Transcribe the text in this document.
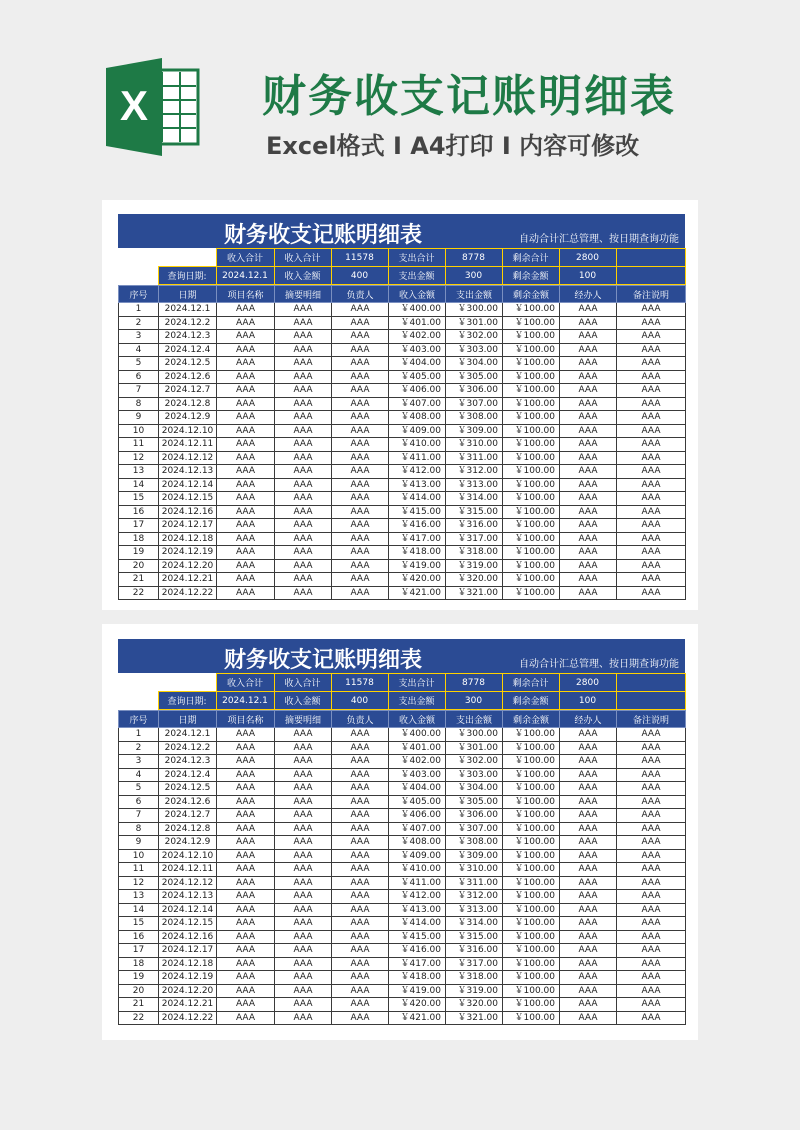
X	财务收支记账明细表

Excel格式 I A4打印 I 内容可修改

财务收支记账明细表	自动合计汇总管理、按日期查询功能
		收入合计	收入合计	11578	支出合计	8778	剩余合计	2800	
	查询日期:	2024.12.1	收入金额	400	支出金额	300	剩余金额	100	
序号	日期	项目名称	摘要明细	负责人	收入金额	支出金额	剩余金额	经办人	备注说明
1	2024.12.1	AAA	AAA	AAA	￥400.00	￥300.00	￥100.00	AAA	AAA
2	2024.12.2	AAA	AAA	AAA	￥401.00	￥301.00	￥100.00	AAA	AAA
3	2024.12.3	AAA	AAA	AAA	￥402.00	￥302.00	￥100.00	AAA	AAA
4	2024.12.4	AAA	AAA	AAA	￥403.00	￥303.00	￥100.00	AAA	AAA
5	2024.12.5	AAA	AAA	AAA	￥404.00	￥304.00	￥100.00	AAA	AAA
6	2024.12.6	AAA	AAA	AAA	￥405.00	￥305.00	￥100.00	AAA	AAA
7	2024.12.7	AAA	AAA	AAA	￥406.00	￥306.00	￥100.00	AAA	AAA
8	2024.12.8	AAA	AAA	AAA	￥407.00	￥307.00	￥100.00	AAA	AAA
9	2024.12.9	AAA	AAA	AAA	￥408.00	￥308.00	￥100.00	AAA	AAA
10	2024.12.10	AAA	AAA	AAA	￥409.00	￥309.00	￥100.00	AAA	AAA
11	2024.12.11	AAA	AAA	AAA	￥410.00	￥310.00	￥100.00	AAA	AAA
12	2024.12.12	AAA	AAA	AAA	￥411.00	￥311.00	￥100.00	AAA	AAA
13	2024.12.13	AAA	AAA	AAA	￥412.00	￥312.00	￥100.00	AAA	AAA
14	2024.12.14	AAA	AAA	AAA	￥413.00	￥313.00	￥100.00	AAA	AAA
15	2024.12.15	AAA	AAA	AAA	￥414.00	￥314.00	￥100.00	AAA	AAA
16	2024.12.16	AAA	AAA	AAA	￥415.00	￥315.00	￥100.00	AAA	AAA
17	2024.12.17	AAA	AAA	AAA	￥416.00	￥316.00	￥100.00	AAA	AAA
18	2024.12.18	AAA	AAA	AAA	￥417.00	￥317.00	￥100.00	AAA	AAA
19	2024.12.19	AAA	AAA	AAA	￥418.00	￥318.00	￥100.00	AAA	AAA
20	2024.12.20	AAA	AAA	AAA	￥419.00	￥319.00	￥100.00	AAA	AAA
21	2024.12.21	AAA	AAA	AAA	￥420.00	￥320.00	￥100.00	AAA	AAA
22	2024.12.22	AAA	AAA	AAA	￥421.00	￥321.00	￥100.00	AAA	AAA
财务收支记账明细表	自动合计汇总管理、按日期查询功能
		收入合计	收入合计	11578	支出合计	8778	剩余合计	2800	
	查询日期:	2024.12.1	收入金额	400	支出金额	300	剩余金额	100	
序号	日期	项目名称	摘要明细	负责人	收入金额	支出金额	剩余金额	经办人	备注说明
1	2024.12.1	AAA	AAA	AAA	￥400.00	￥300.00	￥100.00	AAA	AAA
2	2024.12.2	AAA	AAA	AAA	￥401.00	￥301.00	￥100.00	AAA	AAA
3	2024.12.3	AAA	AAA	AAA	￥402.00	￥302.00	￥100.00	AAA	AAA
4	2024.12.4	AAA	AAA	AAA	￥403.00	￥303.00	￥100.00	AAA	AAA
5	2024.12.5	AAA	AAA	AAA	￥404.00	￥304.00	￥100.00	AAA	AAA
6	2024.12.6	AAA	AAA	AAA	￥405.00	￥305.00	￥100.00	AAA	AAA
7	2024.12.7	AAA	AAA	AAA	￥406.00	￥306.00	￥100.00	AAA	AAA
8	2024.12.8	AAA	AAA	AAA	￥407.00	￥307.00	￥100.00	AAA	AAA
9	2024.12.9	AAA	AAA	AAA	￥408.00	￥308.00	￥100.00	AAA	AAA
10	2024.12.10	AAA	AAA	AAA	￥409.00	￥309.00	￥100.00	AAA	AAA
11	2024.12.11	AAA	AAA	AAA	￥410.00	￥310.00	￥100.00	AAA	AAA
12	2024.12.12	AAA	AAA	AAA	￥411.00	￥311.00	￥100.00	AAA	AAA
13	2024.12.13	AAA	AAA	AAA	￥412.00	￥312.00	￥100.00	AAA	AAA
14	2024.12.14	AAA	AAA	AAA	￥413.00	￥313.00	￥100.00	AAA	AAA
15	2024.12.15	AAA	AAA	AAA	￥414.00	￥314.00	￥100.00	AAA	AAA
16	2024.12.16	AAA	AAA	AAA	￥415.00	￥315.00	￥100.00	AAA	AAA
17	2024.12.17	AAA	AAA	AAA	￥416.00	￥316.00	￥100.00	AAA	AAA
18	2024.12.18	AAA	AAA	AAA	￥417.00	￥317.00	￥100.00	AAA	AAA
19	2024.12.19	AAA	AAA	AAA	￥418.00	￥318.00	￥100.00	AAA	AAA
20	2024.12.20	AAA	AAA	AAA	￥419.00	￥319.00	￥100.00	AAA	AAA
21	2024.12.21	AAA	AAA	AAA	￥420.00	￥320.00	￥100.00	AAA	AAA
22	2024.12.22	AAA	AAA	AAA	￥421.00	￥321.00	￥100.00	AAA	AAA
